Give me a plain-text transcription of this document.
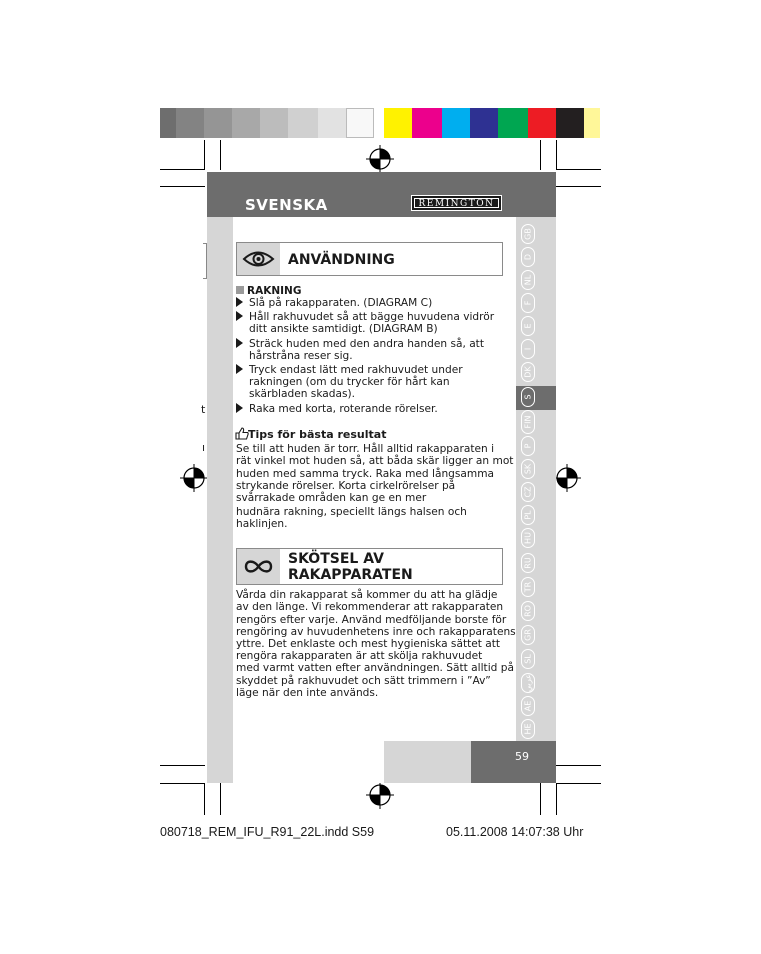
t
ı
SVENSKA	REMINGTON
ANVÄNDNING
RAKNING
Slå på rakapparaten. (DIAGRAM C)
Håll rakhuvudet så att bägge huvudena vidrör
ditt ansikte samtidigt. (DIAGRAM B)
Sträck huden med den andra handen så, att
hårstråna reser sig.
Tryck endast lätt med rakhuvudet under
rakningen (om du trycker för hårt kan
skärbladen skadas).
Raka med korta, roterande rörelser.
Tips för bästa resultat
Se till att huden är torr. Håll alltid rakapparaten i
rät vinkel mot huden så, att båda skär ligger an mot
huden med samma tryck. Raka med långsamma
strykande rörelser. Korta cirkelrörelser på
svårrakade områden kan ge en mer
hudnära rakning, speciellt längs halsen och
haklinjen.
SKÖTSEL AV
RAKAPPARATEN
Vårda din rakapparat så kommer du att ha glädje
av den länge. Vi rekommenderar att rakapparaten
rengörs efter varje. Använd medföljande borste för
rengöring av huvudenhetens inre och rakapparatens
yttre. Det enklaste och mest hygieniska sättet att
rengöra rakapparaten är att skölja rakhuvudet
med varmt vatten efter användningen. Sätt alltid på
skyddet på rakhuvudet och sätt trimmern i ”Av”
läge när den inte används.
GB
D
NL
F
E
I
DK
S
FIN
P
SK
CZ
PL
HU
RU
TR
RO
GR
SL
عربي
AE
HE
59
080718_REM_IFU_R91_22L.indd S59	05.11.2008 14:07:38 Uhr
